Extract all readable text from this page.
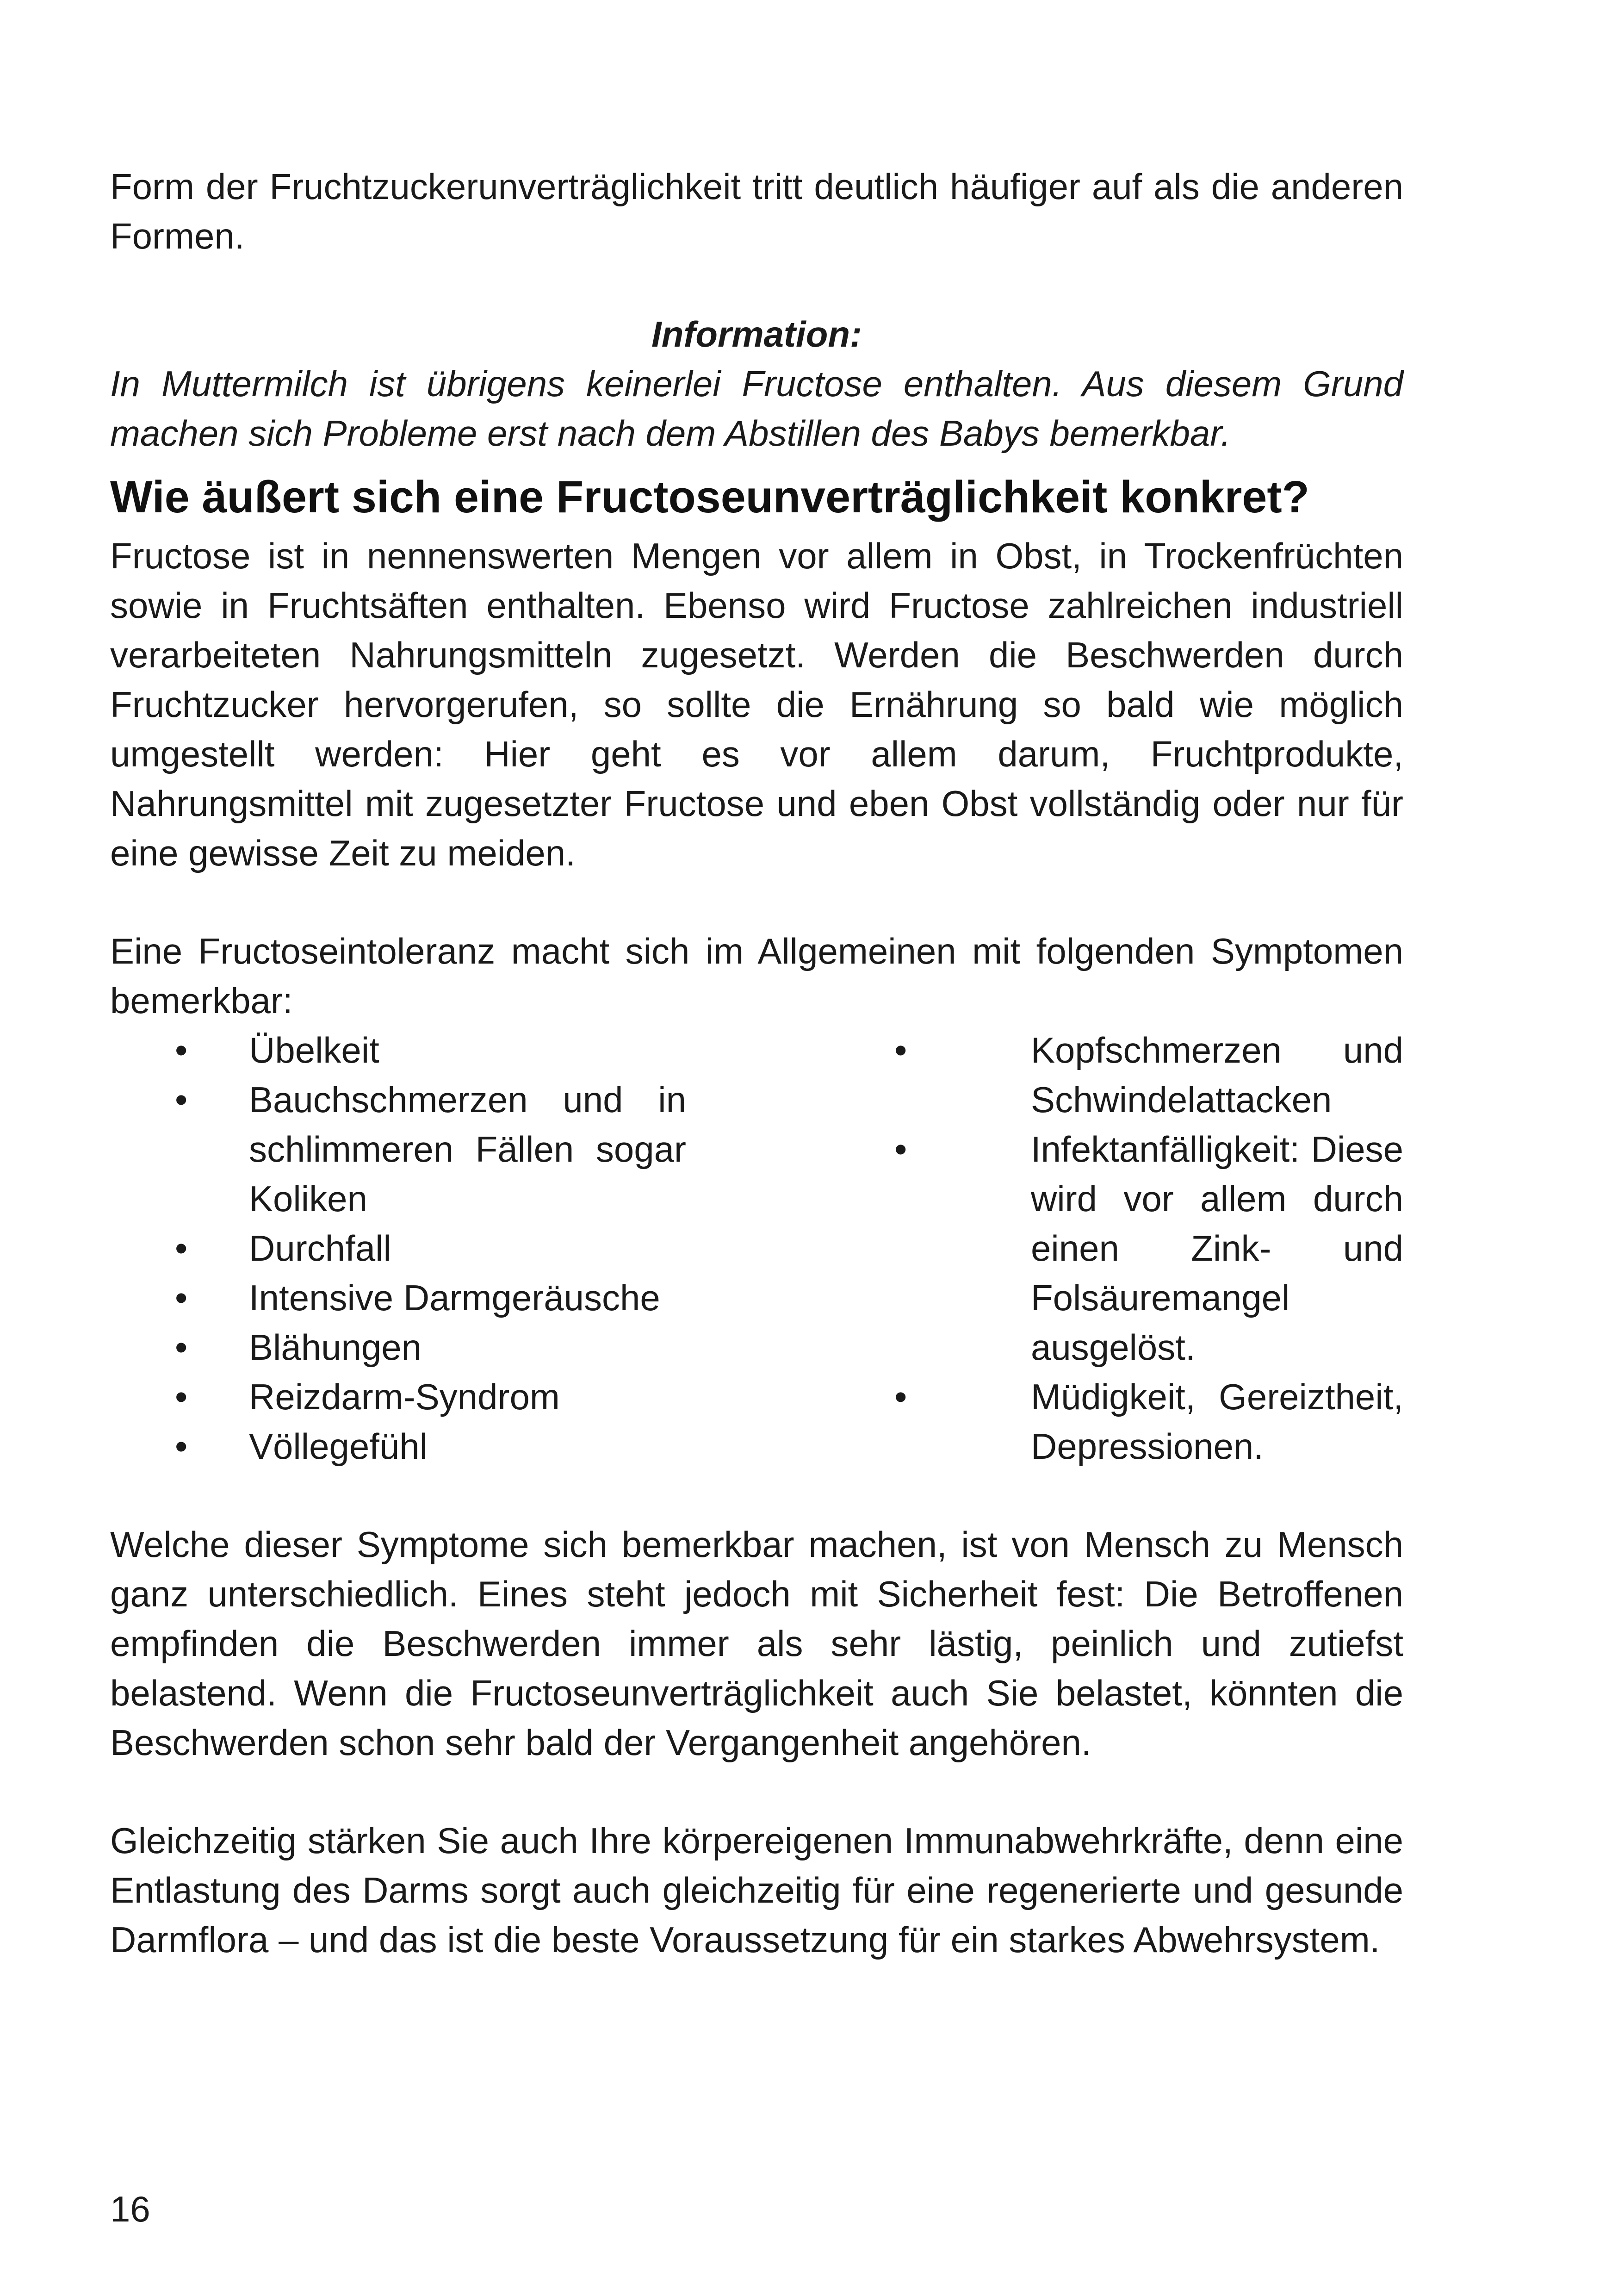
Form der Fruchtzuckerunverträglichkeit tritt deutlich häufiger auf als die anderen Formen.

Information:

In Muttermilch ist übrigens keinerlei Fructose enthalten. Aus diesem Grund machen sich Probleme erst nach dem Abstillen des Babys bemerkbar.

Wie äußert sich eine Fructoseunverträglichkeit konkret?

Fructose ist in nennenswerten Mengen vor allem in Obst, in Trockenfrüchten sowie in Fruchtsäften enthalten. Ebenso wird Fructose zahlreichen industriell verarbeiteten Nahrungsmitteln zugesetzt. Werden die Beschwerden durch Fruchtzucker hervorgerufen, so sollte die Ernährung so bald wie möglich umgestellt werden: Hier geht es vor allem darum, Fruchtprodukte, Nahrungsmittel mit zugesetzter Fructose und eben Obst vollständig oder nur für eine gewisse Zeit zu meiden.

Eine Fructoseintoleranz macht sich im Allgemeinen mit folgenden Symptomen bemerkbar:

• Übelkeit
• Bauchschmerzen und in schlimmeren Fällen sogar Koliken
• Durchfall
• Intensive Darmgeräusche
• Blähungen
• Reizdarm-Syndrom
• Völlegefühl
•	Kopfschmerzen und Schwindelattacken
•	Infektanfälligkeit: Diese wird vor allem durch einen Zink- und Folsäuremangel ausgelöst.
•	Müdigkeit, Gereiztheit, Depressionen.

Welche dieser Symptome sich bemerkbar machen, ist von Mensch zu Mensch ganz unterschiedlich. Eines steht jedoch mit Sicherheit fest: Die Betroffenen empfinden die Beschwerden immer als sehr lästig, peinlich und zutiefst belastend. Wenn die Fructoseunverträglichkeit auch Sie belastet, könnten die Beschwerden schon sehr bald der Vergangenheit angehören.

Gleichzeitig stärken Sie auch Ihre körpereigenen Immunabwehrkräfte, denn eine Entlastung des Darms sorgt auch gleichzeitig für eine regenerierte und gesunde Darmflora – und das ist die beste Voraussetzung für ein starkes Abwehrsystem.

16
